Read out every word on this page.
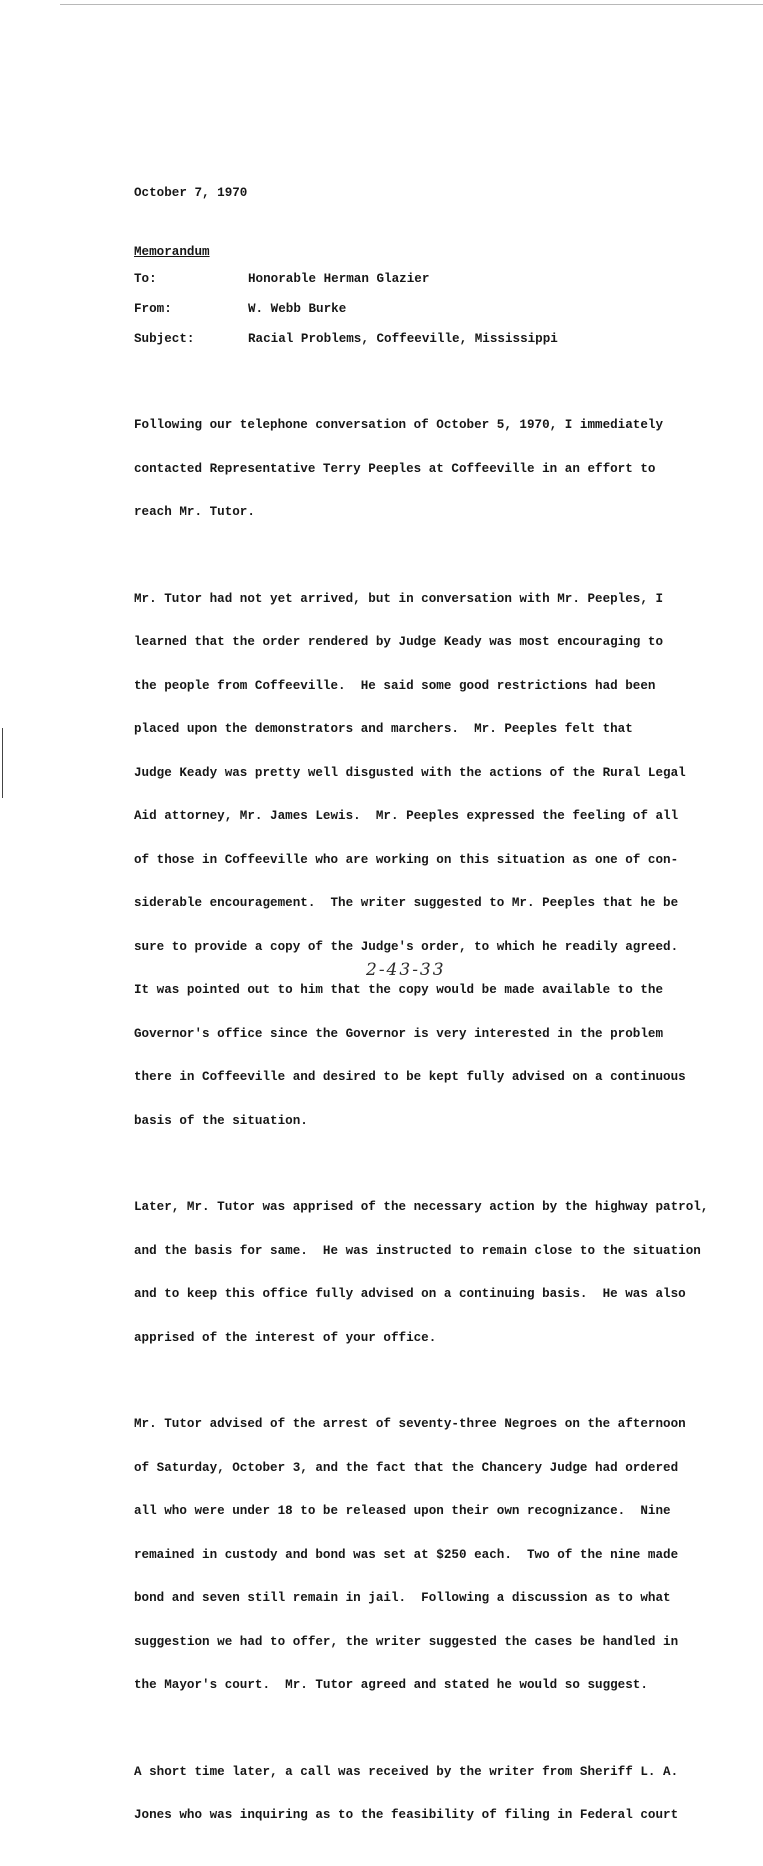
October 7, 1970
Memorandum
To:	Honorable Herman Glazier
From:	W. Webb Burke
Subject:	Racial Problems, Coffeeville, Mississippi

Following our telephone conversation of October 5, 1970, I immediately

contacted Representative Terry Peeples at Coffeeville in an effort to

reach Mr. Tutor.

Mr. Tutor had not yet arrived, but in conversation with Mr. Peeples, I

learned that the order rendered by Judge Keady was most encouraging to

the people from Coffeeville.  He said some good restrictions had been

placed upon the demonstrators and marchers.  Mr. Peeples felt that

Judge Keady was pretty well disgusted with the actions of the Rural Legal

Aid attorney, Mr. James Lewis.  Mr. Peeples expressed the feeling of all

of those in Coffeeville who are working on this situation as one of con-

siderable encouragement.  The writer suggested to Mr. Peeples that he be

sure to provide a copy of the Judge's order, to which he readily agreed.

It was pointed out to him that the copy would be made available to the

Governor's office since the Governor is very interested in the problem

there in Coffeeville and desired to be kept fully advised on a continuous

basis of the situation.

Later, Mr. Tutor was apprised of the necessary action by the highway patrol,

and the basis for same.  He was instructed to remain close to the situation

and to keep this office fully advised on a continuing basis.  He was also

apprised of the interest of your office.

Mr. Tutor advised of the arrest of seventy-three Negroes on the afternoon

of Saturday, October 3, and the fact that the Chancery Judge had ordered

all who were under 18 to be released upon their own recognizance.  Nine

remained in custody and bond was set at $250 each.  Two of the nine made

bond and seven still remain in jail.  Following a discussion as to what

suggestion we had to offer, the writer suggested the cases be handled in

the Mayor's court.  Mr. Tutor agreed and stated he would so suggest.

A short time later, a call was received by the writer from Sheriff L. A.

Jones who was inquiring as to the feasibility of filing in Federal court

2-43-33
